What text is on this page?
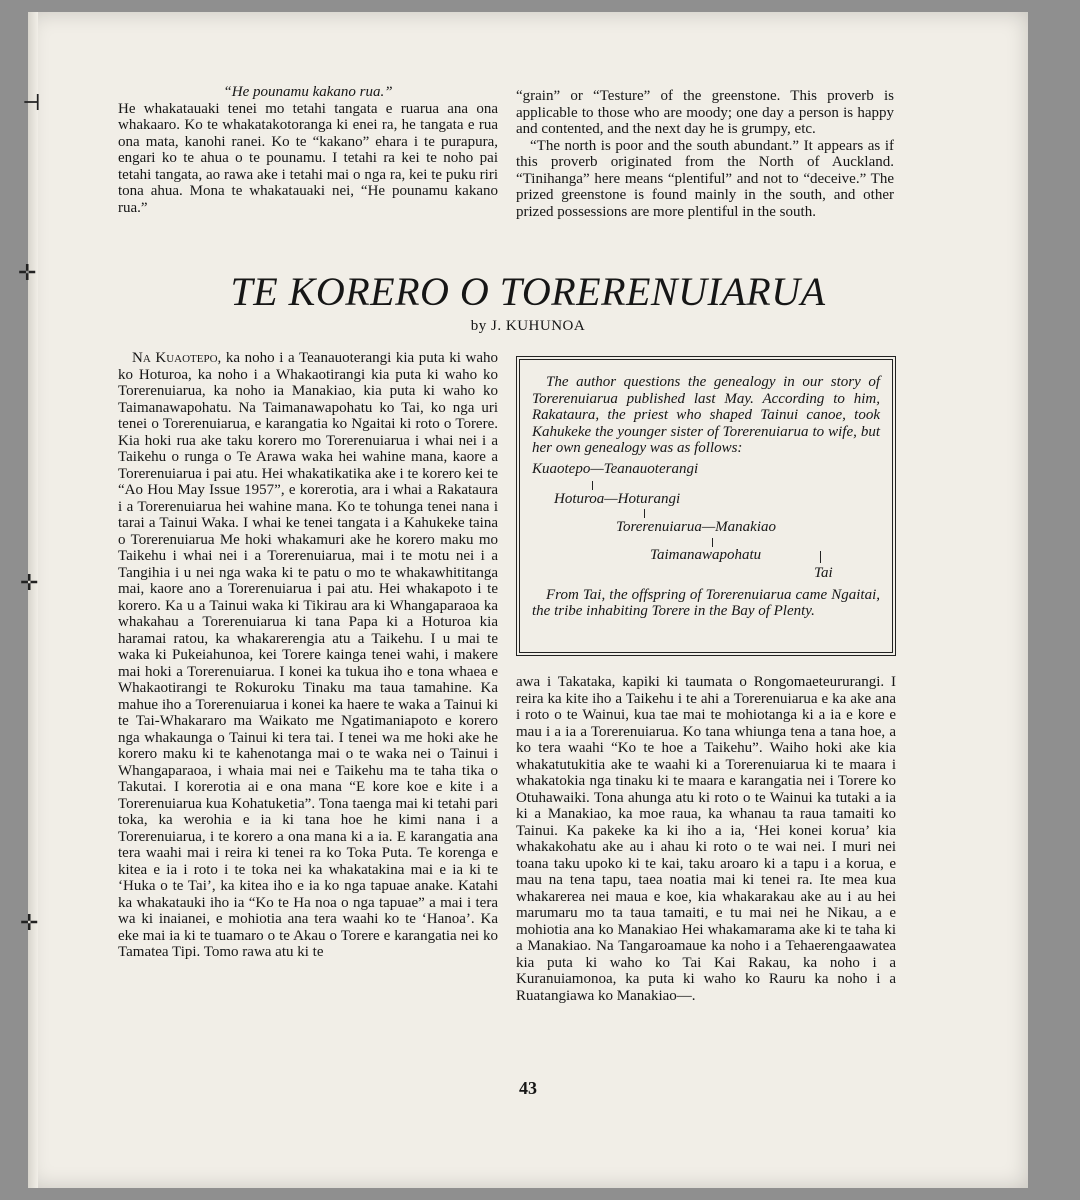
⊣
✛
✛
✛

“He pounamu kakano rua.”

He whakatauaki tenei mo tetahi tangata e ruarua ana ona whakaaro. Ko te whakatakotoranga ki enei ra, he tangata e rua ona mata, kanohi ranei. Ko te “kakano” ehara i te purapura, engari ko te ahua o te pounamu. I tetahi ra kei te noho pai tetahi tangata, ao rawa ake i tetahi mai o nga ra, kei te puku riri tona ahua. Mona te whakatauaki nei, “He pounamu kakano rua.”

“grain” or “Testure” of the greenstone. This proverb is applicable to those who are moody; one day a person is happy and contented, and the next day he is grumpy, etc.

“The north is poor and the south abundant.” It appears as if this proverb originated from the North of Auckland. “Tinihanga” here means “plentiful” and not to “deceive.” The prized greenstone is found mainly in the south, and other prized possessions are more plentiful in the south.

TE KORERO O TORERENUIARUA
by J. KUHUNOA

Na Kuaotepo, ka noho i a Teanauoterangi kia puta ki waho ko Hoturoa, ka noho i a Whakaotirangi kia puta ki waho ko Torerenuiarua, ka noho ia Manakiao, kia puta ki waho ko Taimanawapohatu. Na Taimanawapohatu ko Tai, ko nga uri tenei o Torerenuiarua, e karangatia ko Ngaitai ki roto o Torere. Kia hoki rua ake taku korero mo Torerenuiarua i whai nei i a Taikehu o runga o Te Arawa waka hei wahine mana, kaore a Torerenuiarua i pai atu. Hei whakatikatika ake i te korero kei te “Ao Hou May Issue 1957”, e korerotia, ara i whai a Rakataura i a Torerenuiarua hei wahine mana. Ko te tohunga tenei nana i tarai a Tainui Waka. I whai ke tenei tangata i a Kahukeke taina o Torerenuiarua Me hoki whakamuri ake he korero maku mo Taikehu i whai nei i a Torerenuiarua, mai i te motu nei i a Tangihia i u nei nga waka ki te patu o mo te whakawhititanga mai, kaore ano a Torerenuiarua i pai atu. Hei whakapoto i te korero. Ka u a Tainui waka ki Tikirau ara ki Whangaparaoa ka whakahau a Torerenuiarua ki tana Papa ki a Hoturoa kia haramai ratou, ka whakarerengia atu a Taikehu. I u mai te waka ki Pukeiahunoa, kei Torere kainga tenei wahi, i makere mai hoki a Torerenuiarua. I konei ka tukua iho e tona whaea e Whakaotirangi te Rokuroku Tinaku ma taua tamahine. Ka mahue iho a Torerenuiarua i konei ka haere te waka a Tainui ki te Tai-Whakararo ma Waikato me Ngatimaniapoto e korero nga whakaunga o Tainui ki tera tai. I tenei wa me hoki ake he korero maku ki te kahenotanga mai o te waka nei o Tainui i Whangaparaoa, i whaia mai nei e Taikehu ma te taha tika o Takutai. I korerotia ai e ona mana “E kore koe e kite i a Torerenuiarua kua Kohatuketia”. Tona taenga mai ki tetahi pari toka, ka werohia e ia ki tana hoe he kimi nana i a Torerenuiarua, i te korero a ona mana ki a ia. E karangatia ana tera waahi mai i reira ki tenei ra ko Toka Puta. Te korenga e kitea e ia i roto i te toka nei ka whakatakina mai e ia ki te ‘Huka o te Tai’, ka kitea iho e ia ko nga tapuae anake. Katahi ka whakatauki iho ia “Ko te Ha noa o nga tapuae” a mai i tera wa ki inaianei, e mohiotia ana tera waahi ko te ‘Hanoa’. Ka eke mai ia ki te tuamaro o te Akau o Torere e karangatia nei ko Tamatea Tipi. Tomo rawa atu ki te

The author questions the genealogy in our story of Torerenuiarua published last May. According to him, Rakataura, the priest who shaped Tainui canoe, took Kahukeke the younger sister of Torerenuiarua to wife, but her own genealogy was as follows:

Kuaotepo—Teanauoterangi
Hoturoa—Hoturangi
Torerenuiarua—Manakiao
Taimanawapohatu
Tai

From Tai, the offspring of Torerenuiarua came Ngaitai, the tribe inhabiting Torere in the Bay of Plenty.

awa i Takataka, kapiki ki taumata o Rongomaeteururangi. I reira ka kite iho a Taikehu i te ahi a Torerenuiarua e ka ake ana i roto o te Wainui, kua tae mai te mohiotanga ki a ia e kore e mau i a ia a Torerenuiarua. Ko tana whiunga tena a tana hoe, a ko tera waahi “Ko te hoe a Taikehu”. Waiho hoki ake kia whakatutukitia ake te waahi ki a Torerenuiarua ki te maara i whakatokia nga tinaku ki te maara e karangatia nei i Torere ko Otuhawaiki. Tona ahunga atu ki roto o te Wainui ka tutaki a ia ki a Manakiao, ka moe raua, ka whanau ta raua tamaiti ko Tainui. Ka pakeke ka ki iho a ia, ‘Hei konei korua’ kia whakakohatu ake au i ahau ki roto o te wai nei. I muri nei toana taku upoko ki te kai, taku aroaro ki a tapu i a korua, e mau na tena tapu, taea noatia mai ki tenei ra. Ite mea kua whakarerea nei maua e koe, kia whakarakau ake au i au hei marumaru mo ta taua tamaiti, e tu mai nei he Nikau, a e mohiotia ana ko Manakiao Hei whakamarama ake ki te taha ki a Manakiao. Na Tangaroamaue ka noho i a Tehaerengaawatea kia puta ki waho ko Tai Kai Rakau, ka noho i a Kuranuiamonoa, ka puta ki waho ko Rauru ka noho i a Ruatangiawa ko Manakiao—.

43
